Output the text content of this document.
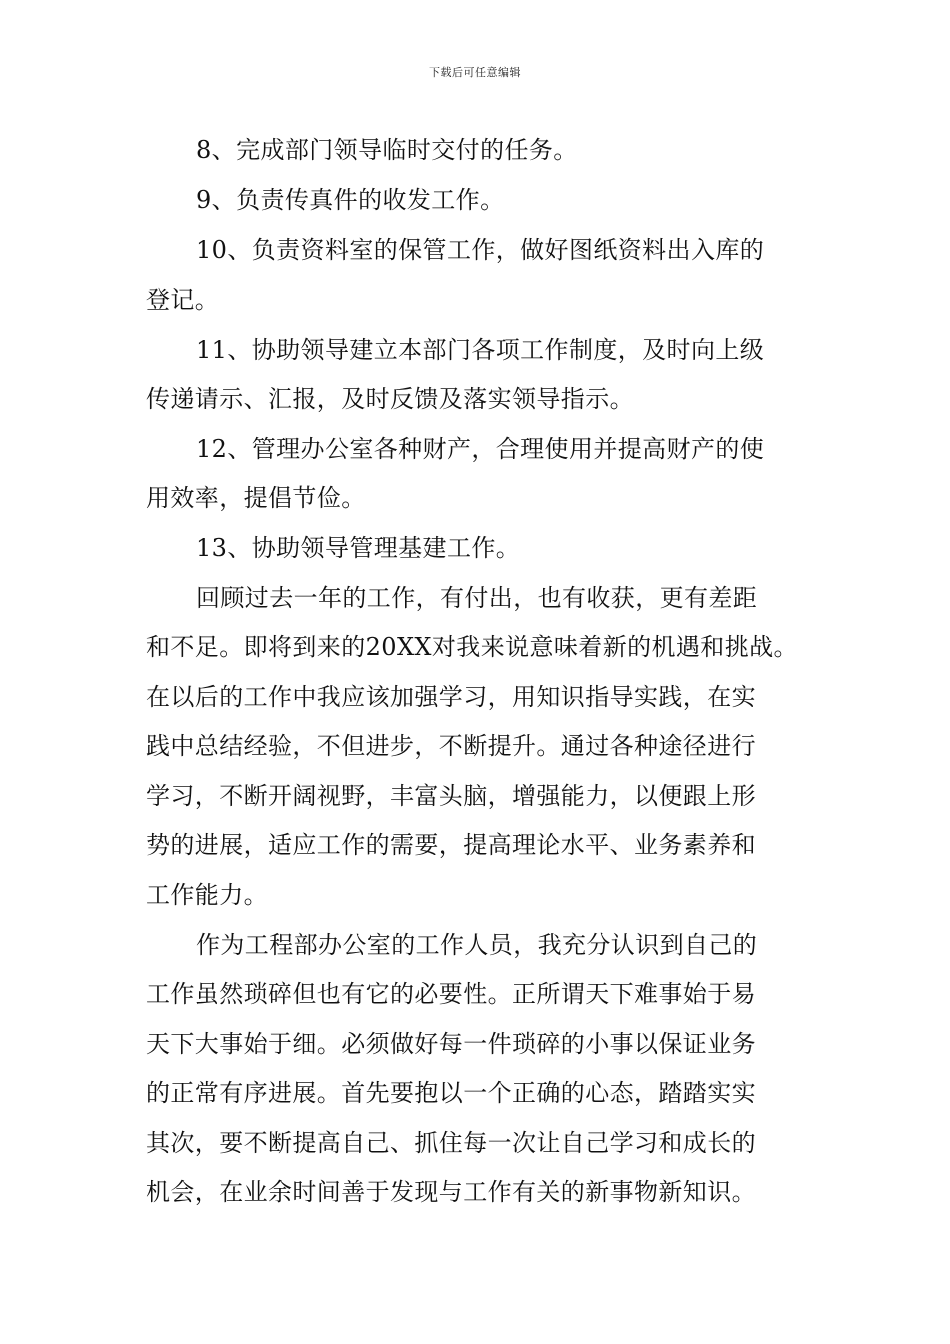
下载后可任意编辑
8、完成部门领导临时交付的任务。
9、负责传真件的收发工作。
10、负责资料室的保管工作，做好图纸资料出入库的
登记。
11、协助领导建立本部门各项工作制度，及时向上级
传递请示、汇报，及时反馈及落实领导指示。
12、管理办公室各种财产，合理使用并提高财产的使
用效率，提倡节俭。
13、协助领导管理基建工作。
回顾过去一年的工作，有付出，也有收获，更有差距
和不足。即将到来的20XX对我来说意味着新的机遇和挑战。
在以后的工作中我应该加强学习，用知识指导实践，在实
践中总结经验，不但进步，不断提升。通过各种途径进行
学习，不断开阔视野，丰富头脑，增强能力，以便跟上形
势的进展，适应工作的需要，提高理论水平、业务素养和
工作能力。
作为工程部办公室的工作人员，我充分认识到自己的
工作虽然琐碎但也有它的必要性。正所谓天下难事始于易
天下大事始于细。必须做好每一件琐碎的小事以保证业务
的正常有序进展。首先要抱以一个正确的心态，踏踏实实
其次，要不断提高自己、抓住每一次让自己学习和成长的
机会，在业余时间善于发现与工作有关的新事物新知识。
